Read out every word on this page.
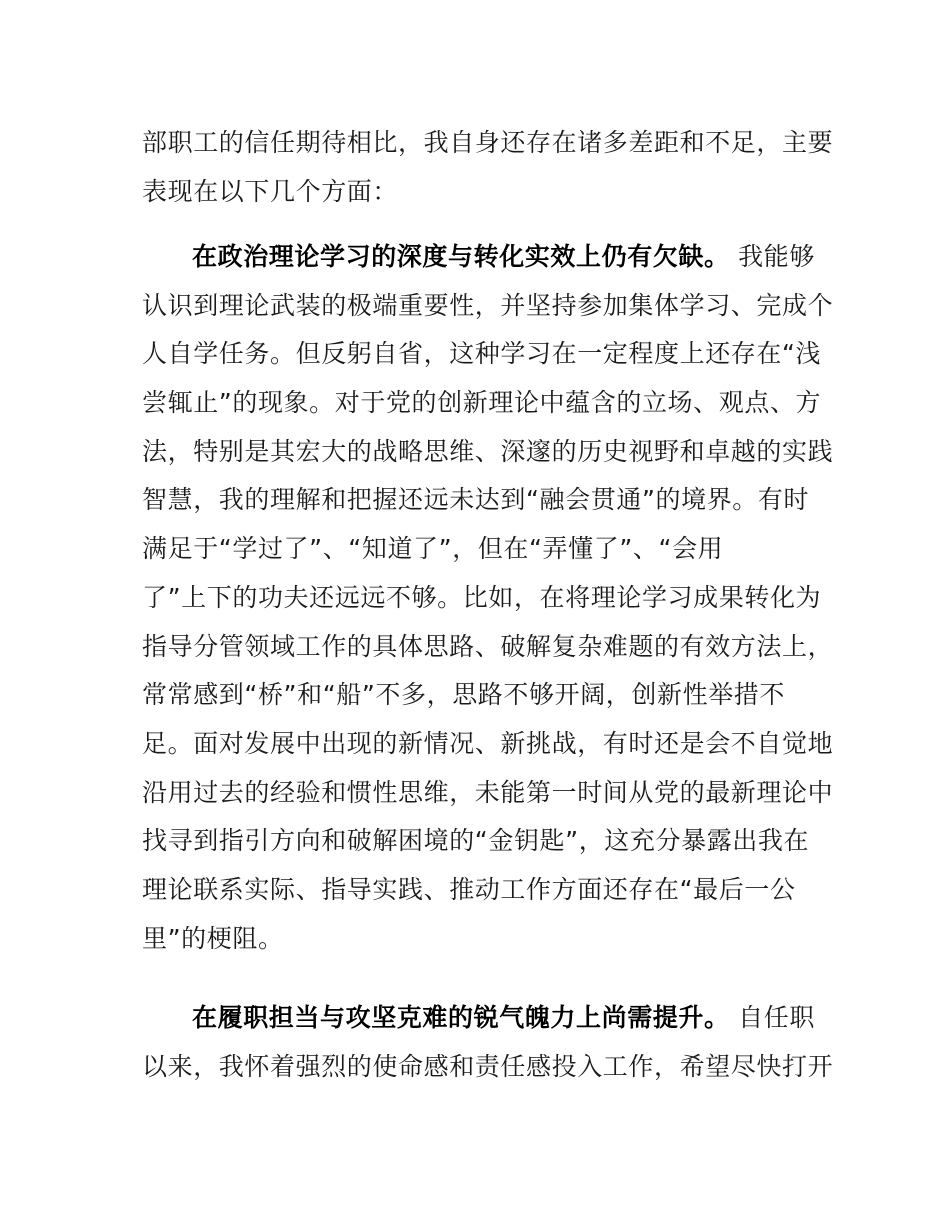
部职工的信任期待相比，我自身还存在诸多差距和不足，主要
表现在以下几个方面：
在政治理论学习的深度与转化实效上仍有欠缺。 我能够
认识到理论武装的极端重要性，并坚持参加集体学习、完成个
人自学任务。但反躬自省，这种学习在一定程度上还存在“浅
尝辄止”的现象。对于党的创新理论中蕴含的立场、观点、方
法，特别是其宏大的战略思维、深邃的历史视野和卓越的实践
智慧，我的理解和把握还远未达到“融会贯通”的境界。有时
满足于“学过了”、“知道了”，但在“弄懂了”、“会用
了”上下的功夫还远远不够。比如，在将理论学习成果转化为
指导分管领域工作的具体思路、破解复杂难题的有效方法上，
常常感到“桥”和“船”不多，思路不够开阔，创新性举措不
足。面对发展中出现的新情况、新挑战，有时还是会不自觉地
沿用过去的经验和惯性思维，未能第一时间从党的最新理论中
找寻到指引方向和破解困境的“金钥匙”，这充分暴露出我在
理论联系实际、指导实践、推动工作方面还存在“最后一公
里”的梗阻。
在履职担当与攻坚克难的锐气魄力上尚需提升。 自任职
以来，我怀着强烈的使命感和责任感投入工作，希望尽快打开
